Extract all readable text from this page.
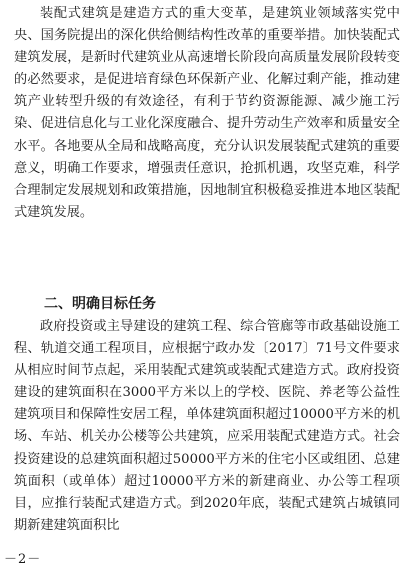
装配式建筑是建造方式的重大变革，是建筑业领域落实党中央、国务院提出的深化供给侧结构性改革的重要举措。加快装配式建筑发展，是新时代建筑业从高速增长阶段向高质量发展阶段转变的必然要求，是促进培育绿色环保新产业、化解过剩产能，推动建筑产业转型升级的有效途径，有利于节约资源能源、减少施工污染、促进信息化与工业化深度融合、提升劳动生产效率和质量安全水平。各地要从全局和战略高度，充分认识发展装配式建筑的重要意义，明确工作要求，增强责任意识，抢抓机遇，攻坚克难，科学合理制定发展规划和政策措施，因地制宜积极稳妥推进本地区装配式建筑发展。

二、明确目标任务

政府投资或主导建设的建筑工程、综合管廊等市政基础设施工程、轨道交通工程项目，应根据宁政办发〔2017〕71号文件要求从相应时间节点起，采用装配式建筑或装配式建造方式。政府投资建设的建筑面积在3000平方米以上的学校、医院、养老等公益性建筑项目和保障性安居工程，单体建筑面积超过10000平方米的机场、车站、机关办公楼等公共建筑，应采用装配式建造方式。社会投资建设的总建筑面积超过50000平方米的住宅小区或组团、总建筑面积（或单体）超过10000平方米的新建商业、办公等工程项目，应推行装配式建造方式。到2020年底，装配式建筑占城镇同期新建建筑面积比

－2－
